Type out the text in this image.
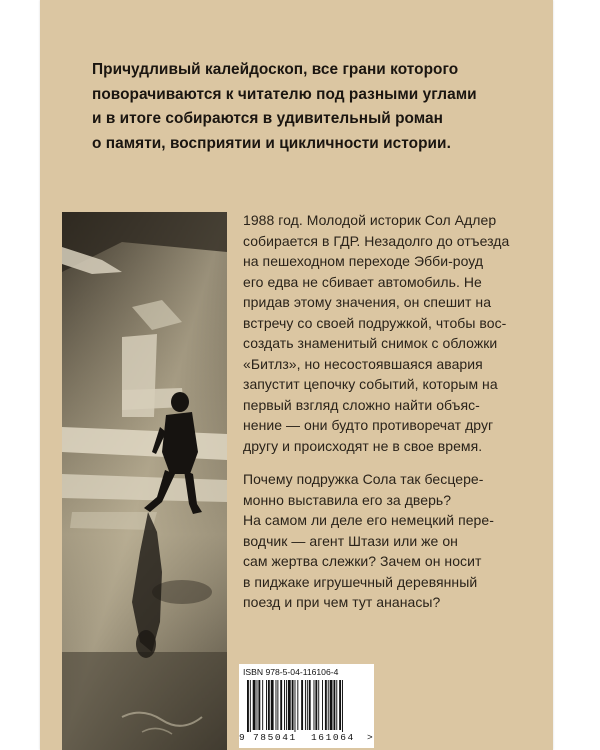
Причудливый калейдоскоп, все грани которого
поворачиваются к читателю под разными углами
и в итоге собираются в удивительный роман
о памяти, восприятии и цикличности истории.
1988 год. Молодой историк Сол Адлер
собирается в ГДР. Незадолго до отъезда
на пешеходном переходе Эбби-роуд
его едва не сбивает автомобиль. Не
придав этому значения, он спешит на
встречу со своей подружкой, чтобы вос-
создать знаменитый снимок с обложки
«Битлз», но несостоявшаяся авария
запустит цепочку событий, которым на
первый взгляд сложно найти объяс-
нение — они будто противоречат друг
другу и происходят не в свое время.
Почему подружка Сола так бесцере-
монно выставила его за дверь?
На самом ли деле его немецкий пере-
водчик — агент Штази или же он
сам жертва слежки? Зачем он носит
в пиджаке игрушечный деревянный
поезд и при чем тут ананасы?
ISBN 978-5-04-116106-4
9 785041 161064 >
